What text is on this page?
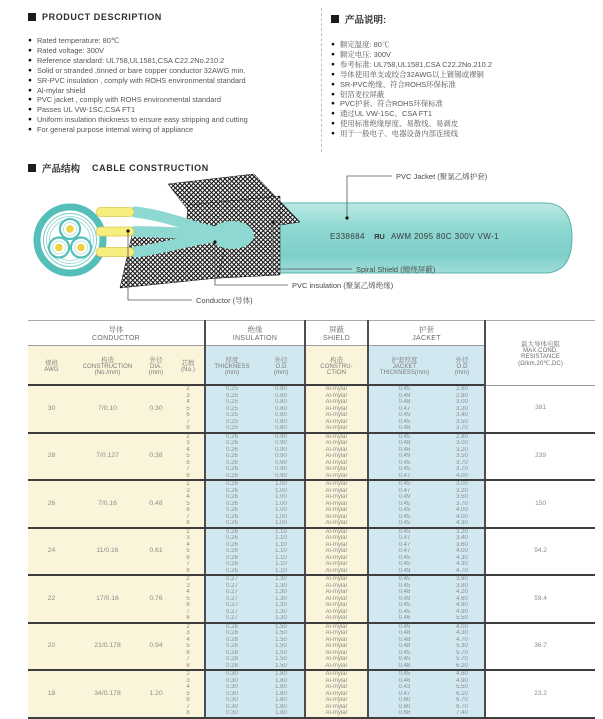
PRODUCT DESCRIPTION
● Rated temperature: 80℃
● Rated voltage: 300V
● Reference standard: UL758,UL1581,CSA C22.2No.210.2
● Solid or stranded ,tinned or bare copper conductor 32AWG min.
● SR-PVC insulation , comply with ROHS environmental standard
● Al-mylar shield
● PVC jacket , comply with ROHS environmental standard
● Passes UL VW-1SC,CSA FT1
● Uniform insulation thickness to ensure easy stripping and cutting
● For general purpose internal wiring of appliance
产品说明:
● 额定温度: 80℃
● 额定电压: 300V
● 参考标准: UL758,UL1581,CSA C22.2No.210.2
● 导体使用单支或绞合32AWG以上镀锡或裸铜
● SR-PVC绝缘、符合ROHS环保标准
● 铝箔麦拉屏蔽
● PVC护套、符合ROHS环保标准
● 通过UL VW-1SC、CSA FT1
● 使用标准绝缘厚度、易散线、易剥皮
● 用于一般电子、电器设备内部连接线
产品结构 CABLE CONSTRUCTION
E338684 ЯU AWM 2095 80C 300V VW-1
PVC Jacket (聚氯乙烯护套)
Spiral Shield (缠绕屏蔽)
PVC insulation (聚氯乙烯绝缘)
Conductor (导体)
导体
CONDUCTOR

绝缘
INSULATION

屏蔽
SHIELD

护套
JACKET

最大导体电阻
MAX.COND.
RESISTANCE
(Ω/km,20℃,DC)

规格
AWG

构造
CONSTRUCTION
(No./mm)

外径
DIA.
(mm)

芯数
(No.)

厚度
THICKNESS
(mm)

外径
O.D
(mm)

构造
CONSTRU-
CTION

护套厚度
JACKET
THICKNESS(mm)

外径
O.D
(mm)

30	7/0.10	0.30	2	0.25	0.80	Al-mylar	0.45	2.60	381
			3	0.25	0.80	Al-mylar	0.49	2.80	
			4	0.25	0.80	Al-mylar	0.48	3.00	
			5	0.25	0.80	Al-mylar	0.47	3.20	
			6	0.25	0.80	Al-mylar	0.45	3.40	
			7	0.25	0.80	Al-mylar	0.45	3.50	
			8	0.25	0.80	Al-mylar	0.48	3.70	
28	7/0.127	0.38	2	0.26	0.90	Al-mylar	0.45	2.80	239
			3	0.26	0.90	Al-mylar	0.48	3.00	
			4	0.26	0.90	Al-mylar	0.46	3.20	
			5	0.26	0.90	Al-mylar	0.49	3.50	
			6	0.26	0.90	Al-mylar	0.45	3.70	
			7	0.26	0.90	Al-mylar	0.45	3.70	
			8	0.26	0.90	Al-mylar	0.47	4.00	
26	7/0.16	0.48	2	0.26	1.00	Al-mylar	0.45	3.00	150
			3	0.26	1.00	Al-mylar	0.47	3.20	
			4	0.26	1.00	Al-mylar	0.49	3.50	
			5	0.26	1.00	Al-mylar	0.45	3.70	
			6	0.26	1.00	Al-mylar	0.45	4.00	
			7	0.26	1.00	Al-mylar	0.45	4.00	
			8	0.26	1.00	Al-mylar	0.45	4.30	
24	11/0.16	0.61	2	0.26	1.10	Al-mylar	0.45	3.20	94.2
			3	0.26	1.10	Al-mylar	0.47	3.40	
			4	0.26	1.10	Al-mylar	0.47	3.60	
			5	0.26	1.10	Al-mylar	0.47	4.00	
			6	0.26	1.10	Al-mylar	0.45	4.30	
			7	0.26	1.10	Al-mylar	0.45	4.30	
			8	0.26	1.10	Al-mylar	0.49	4.70	
22	17/0.16	0.76	2	0.27	1.30	Al-mylar	0.45	3.60	59.4
			3	0.27	1.30	Al-mylar	0.45	3.80	
			4	0.27	1.30	Al-mylar	0.48	4.20	
			5	0.27	1.30	Al-mylar	0.49	4.60	
			6	0.27	1.30	Al-mylar	0.45	4.90	
			7	0.27	1.30	Al-mylar	0.45	4.90	
			8	0.27	1.30	Al-mylar	0.46	5.50	
20	21/0.178	0.94	2	0.28	1.50	Al-mylar	0.45	4.00	36.7
			3	0.28	1.50	Al-mylar	0.48	4.30	
			4	0.28	1.50	Al-mylar	0.48	4.70	
			5	0.28	1.50	Al-mylar	0.48	5.30	
			6	0.28	1.50	Al-mylar	0.45	5.70	
			7	0.28	1.50	Al-mylar	0.45	5.70	
			8	0.28	1.50	Al-mylar	0.48	6.20	
18	34/0.178	1.20	2	0.30	1.80	Al-mylar	0.45	4.60	23.2
			3	0.30	1.80	Al-mylar	0.46	4.90	
			4	0.30	1.80	Al-mylar	0.43	5.50	
			5	0.30	1.80	Al-mylar	0.47	6.10	
			6	0.30	1.80	Al-mylar	0.60	6.70	
			7	0.30	1.80	Al-mylar	0.60	6.70	
			8	0.30	1.80	Al-mylar	0.68	7.40	
